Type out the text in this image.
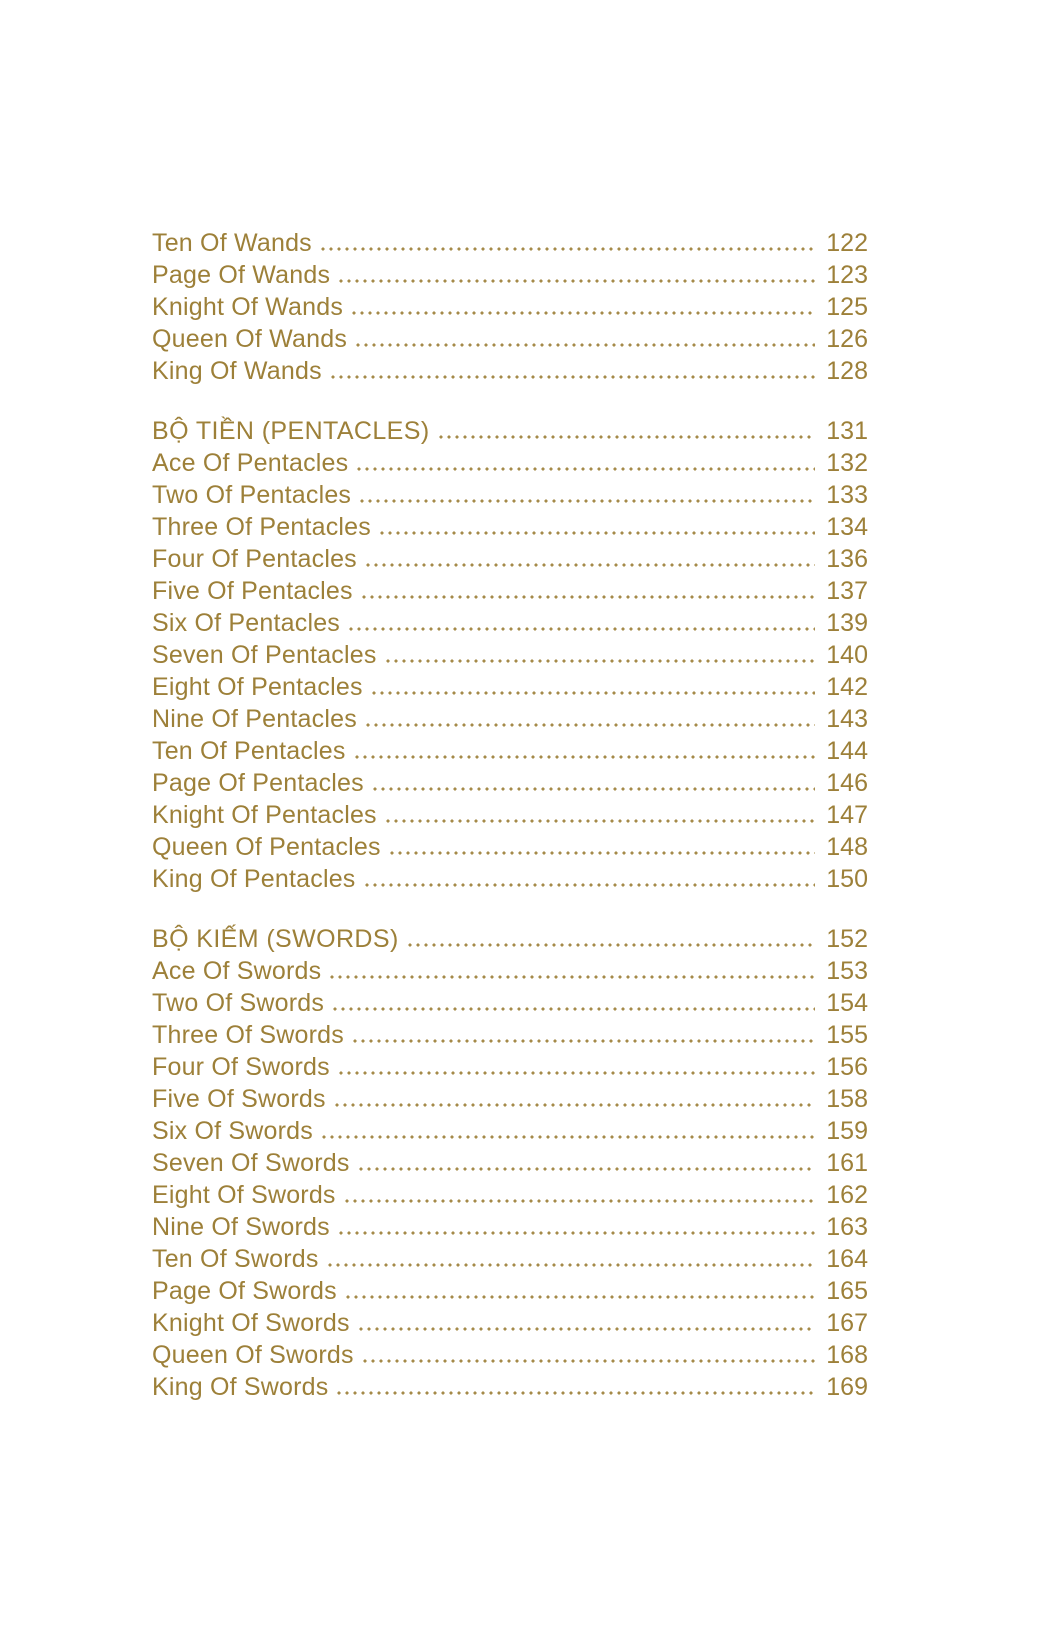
Ten Of Wands	122
Page Of Wands	123
Knight Of Wands	125
Queen Of Wands	126
King Of Wands	128
BỘ TIỀN (PENTACLES)	131
Ace Of Pentacles	132
Two Of Pentacles	133
Three Of Pentacles	134
Four Of Pentacles	136
Five Of Pentacles	137
Six Of Pentacles	139
Seven Of Pentacles	140
Eight Of Pentacles	142
Nine Of Pentacles	143
Ten Of Pentacles	144
Page Of Pentacles	146
Knight Of Pentacles	147
Queen Of Pentacles	148
King Of Pentacles	150
BỘ KIẾM (SWORDS)	152
Ace Of Swords	153
Two Of Swords	154
Three Of Swords	155
Four Of Swords	156
Five Of Swords	158
Six Of Swords	159
Seven Of Swords	161
Eight Of Swords	162
Nine Of Swords	163
Ten Of Swords	164
Page Of Swords	165
Knight Of Swords	167
Queen Of Swords	168
King Of Swords	169
